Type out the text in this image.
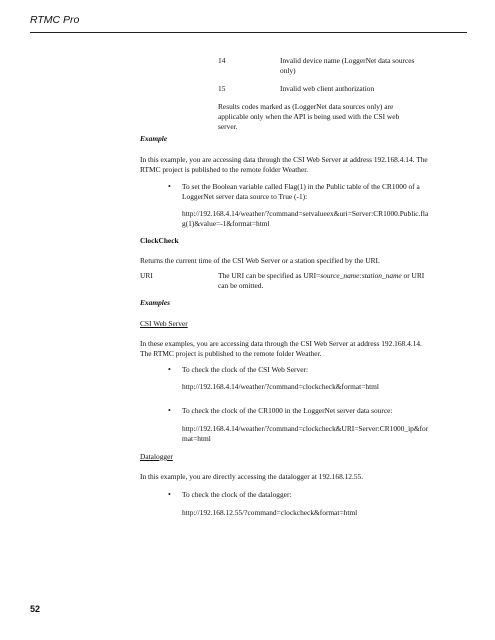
RTMC Pro
14	Invalid device name (LoggerNet data sources only)
15	Invalid web client authorization
Results codes marked as (LoggerNet data sources only) are applicable only when the API is being used with the CSI web server.
Example
In this example, you are accessing data through the CSI Web Server at address 192.168.4.14. The RTMC project is published to the remote folder Weather.
• To set the Boolean variable called Flag(1) in the Public table of the CR1000 of a LoggerNet server data source to True (-1):
http://192.168.4.14/weather/?command=setvalueex&uri=Server:CR1000.Public.flag(1)&value=-1&format=html
ClockCheck
Returns the current time of the CSI Web Server or a station specified by the URI.
URI	The URI can be specified as URI=source_name:station_name or URI can be omitted.
Examples
CSI Web Server
In these examples, you are accessing data through the CSI Web Server at address 192.168.4.14. The RTMC project is published to the remote folder Weather.
• To check the clock of the CSI Web Server:
http://192.168.4.14/weather/?command=clockcheck&format=html
• To check the clock of the CR1000 in the LoggerNet server data source:
http://192.168.4.14/weather/?command=clockcheck&URI=Server:CR1000_ip&format=html
Datalogger
In this example, you are directly accessing the datalogger at 192.168.12.55.
• To check the clock of the datalogger:
http://192.168.12.55/?command=clockcheck&format=html
52
